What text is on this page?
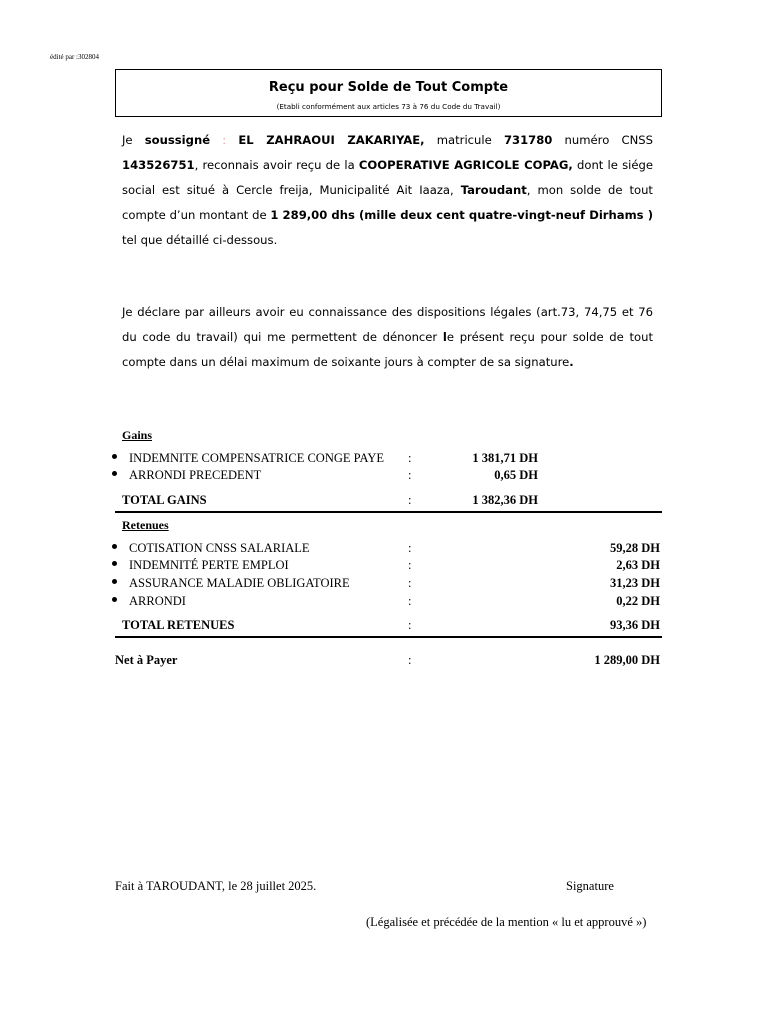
édité par :302804
Reçu pour Solde de Tout Compte
(Etabli conformément aux articles 73 à 76 du Code du Travail)
Je soussigné : EL ZAHRAOUI ZAKARIYAE, matricule 731780 numéro CNSS 143526751, reconnais avoir reçu de la COOPERATIVE AGRICOLE COPAG, dont le siége social est situé à Cercle freija, Municipalité Ait Iaaza, Taroudant, mon solde de tout compte d’un montant de 1 289,00 dhs (mille deux cent quatre-vingt-neuf Dirhams ) tel que détaillé ci-dessous.
Je déclare par ailleurs avoir eu connaissance des dispositions légales (art.73, 74,75 et 76 du code du travail) qui me permettent de dénoncer le présent reçu pour solde de tout compte dans un délai maximum de soixante jours à compter de sa signature.
Gains
INDEMNITE COMPENSATRICE CONGE PAYE :	1 381,71 DH
ARRONDI PRECEDENT	:	0,65 DH
TOTAL GAINS	:	1 382,36 DH
Retenues
COTISATION CNSS SALARIALE	:	59,28 DH
INDEMNITÉ PERTE EMPLOI	:	2,63 DH
ASSURANCE MALADIE OBLIGATOIRE	:	31,23 DH
ARRONDI	:	0,22 DH
TOTAL RETENUES	:	93,36 DH
Net à Payer	:	1 289,00 DH
Fait à TAROUDANT, le 28 juillet 2025.	Signature
(Légalisée et précédée de la mention « lu et approuvé »)
